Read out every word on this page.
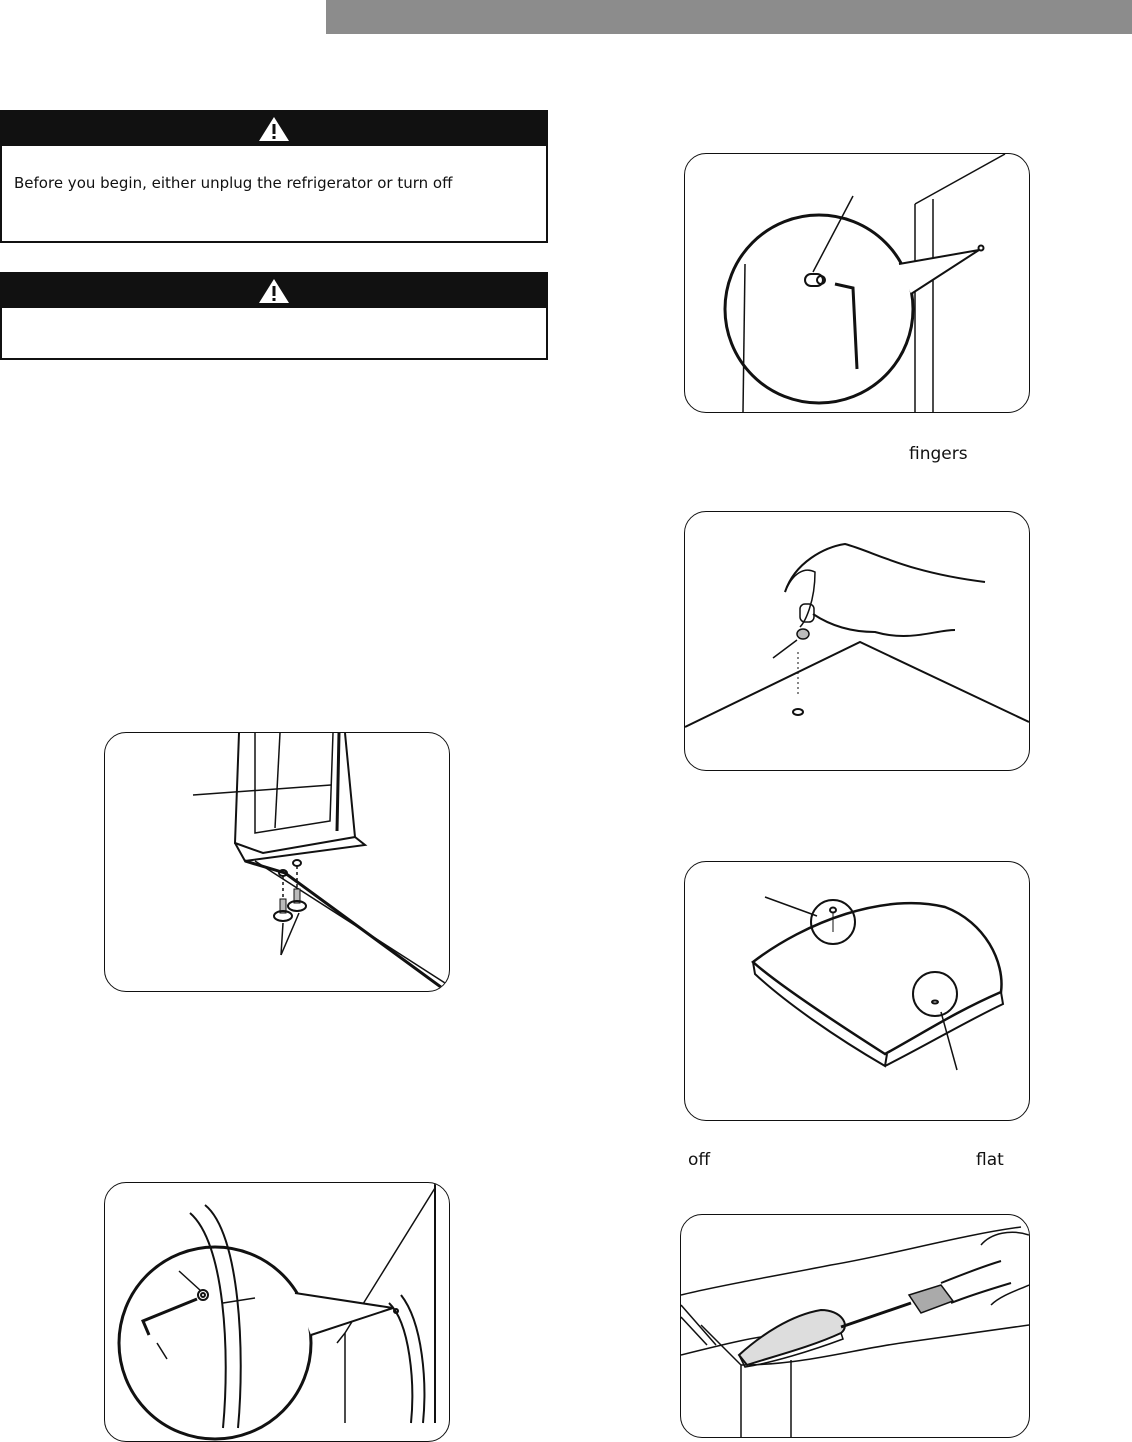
Before you begin, either unplug the refrigerator or turn off
fingers
off	flat
